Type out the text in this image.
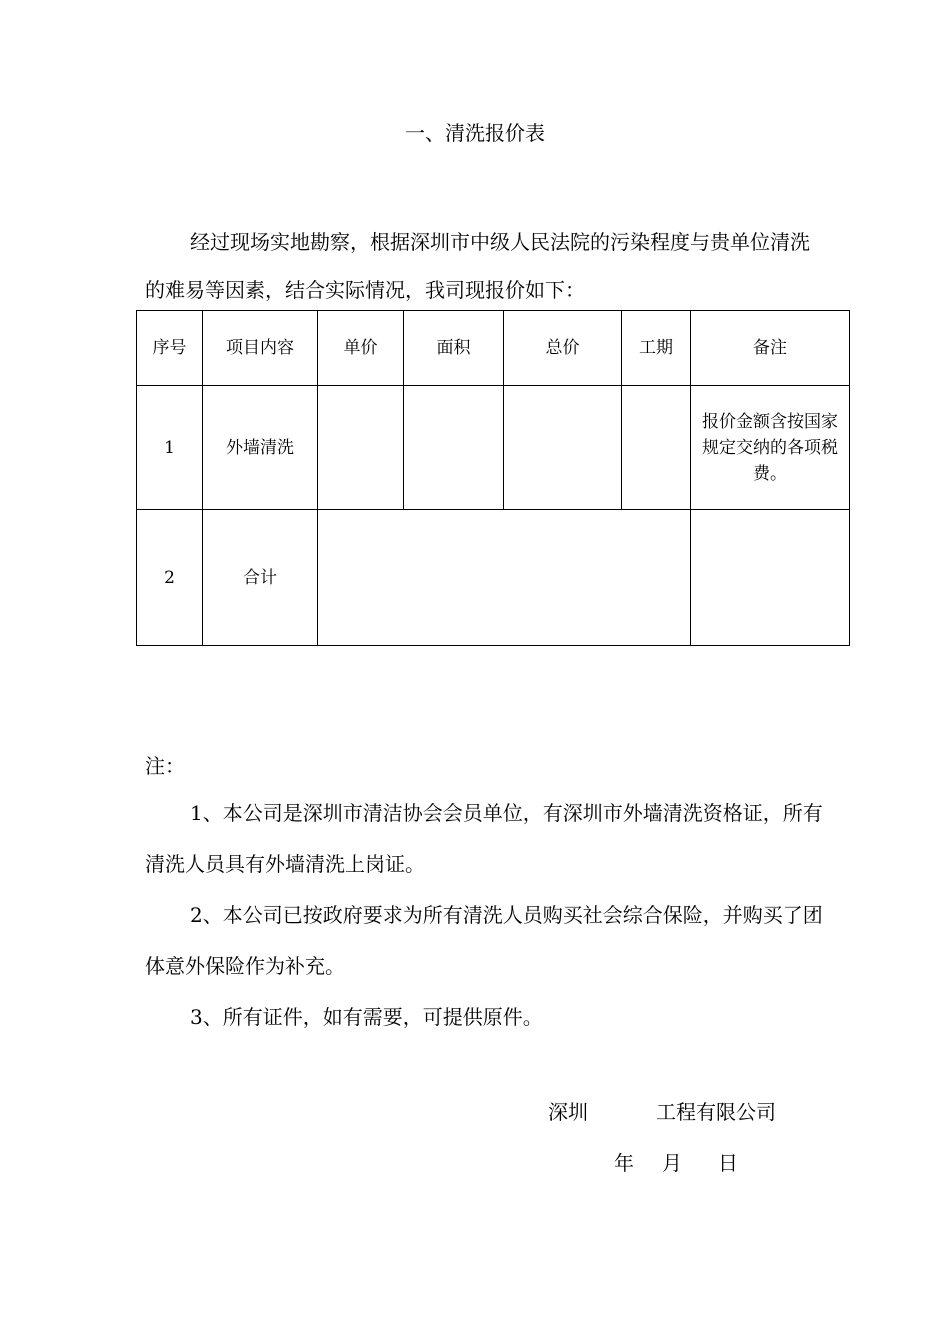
一、清洗报价表
经过现场实地勘察，根据深圳市中级人民法院的污染程度与贵单位清洗的难易等因素，结合实际情况，我司现报价如下：
序号	项目内容	单价	面积	总价	工期	备注
1	外墙清洗					报价金额含按国家规定交纳的各项税费。
2	合计					
注：
1、本公司是深圳市清洁协会会员单位，有深圳市外墙清洗资格证，所有清洗人员具有外墙清洗上岗证。
2、本公司已按政府要求为所有清洗人员购买社会综合保险，并购买了团体意外保险作为补充。
3、所有证件，如有需要，可提供原件。
深圳	工程有限公司
年 月 日
